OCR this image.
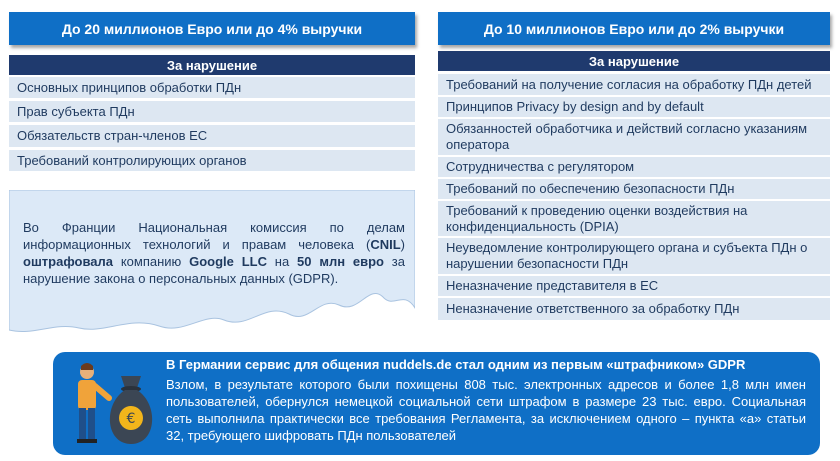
До 20 миллионов Евро или до 4% выручки
За нарушение
Основных принципов обработки ПДн
Прав субъекта ПДн
Обязательств стран-членов ЕС
Требований контролирующих органов
До 10 миллионов Евро или до 2% выручки
За нарушение
Требований на получение согласия на обработку ПДн детей
Принципов Privacy by design and by default
Обязанностей обработчика и действий согласно указаниям оператора
Сотрудничества с регулятором
Требований по обеспечению безопасности ПДн
Требований к проведению оценки воздействия на конфиденциальность (DPIA)
Неуведомление контролирующего органа и субъекта ПДн о нарушении безопасности ПДн
Неназначение представителя в ЕС
Неназначение ответственного за обработку ПДн
Во Франции Национальная комиссия по делам информационных технологий и правам человека (CNIL) оштрафовала компанию Google LLC на 50 млн евро за нарушение закона о персональных данных (GDPR).
€
В Германии сервис для общения nuddels.de стал одним из первым «штрафником» GDPR
Взлом, в результате которого были похищены 808 тыс. электронных адресов и более 1,8 млн имен пользователей, обернулся немецкой социальной сети штрафом в размере 23 тыс. евро. Социальная сеть выполнила практически все требования Регламента, за исключением одного – пункта «а» статьи 32, требующего шифровать ПДн пользователей
